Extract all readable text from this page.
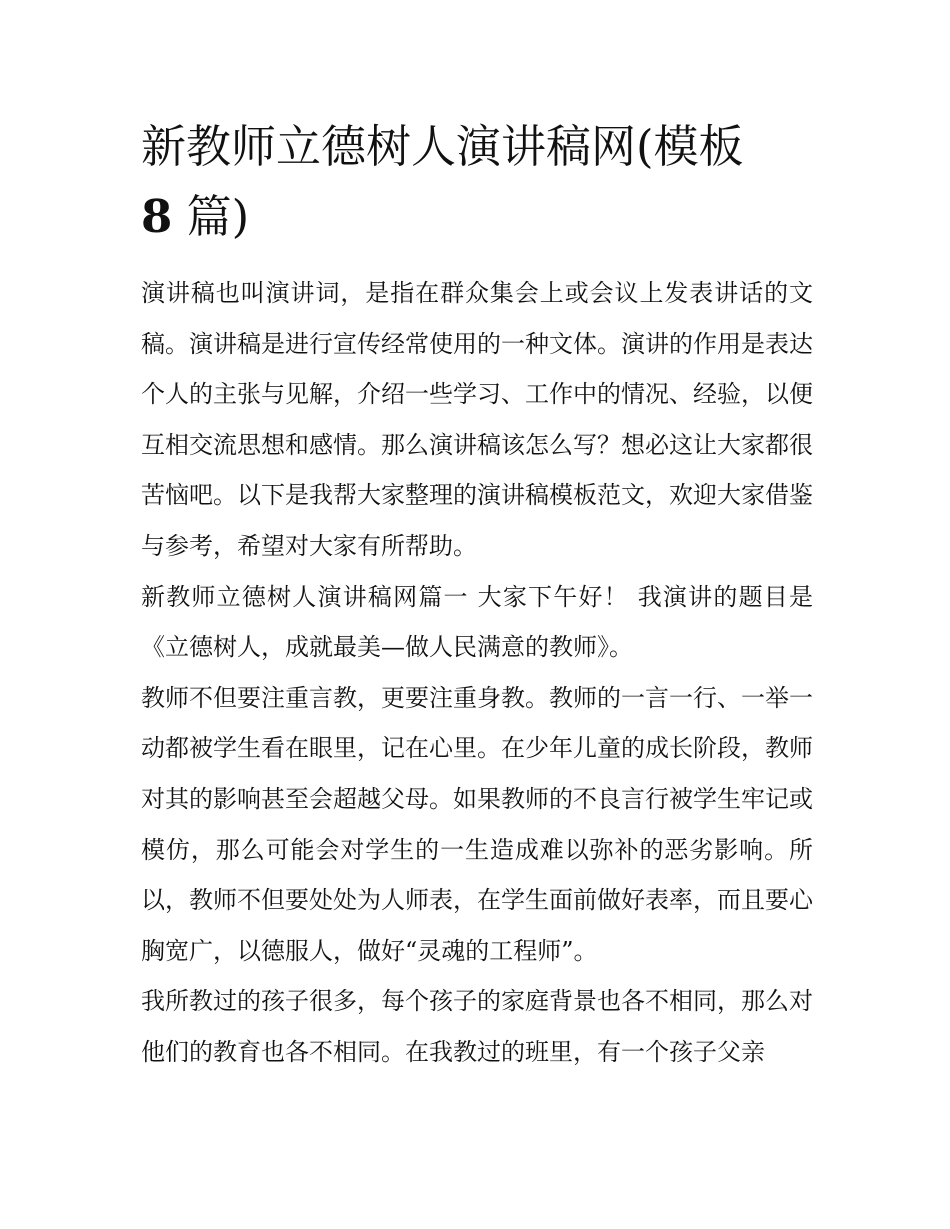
新教师立德树人演讲稿网(模板
8 篇)

演讲稿也叫演讲词，是指在群众集会上或会议上发表讲话的文稿。演讲稿是进行宣传经常使用的一种文体。演讲的作用是表达个人的主张与见解，介绍一些学习、工作中的情况、经验，以便互相交流思想和感情。那么演讲稿该怎么写？想必这让大家都很苦恼吧。以下是我帮大家整理的演讲稿模板范文，欢迎大家借鉴与参考，希望对大家有所帮助。

新教师立德树人演讲稿网篇一 大家下午好！ 我演讲的题目是《立德树人，成就最美—做人民满意的教师》。

教师不但要注重言教，更要注重身教。教师的一言一行、一举一动都被学生看在眼里，记在心里。在少年儿童的成长阶段，教师对其的影响甚至会超越父母。如果教师的不良言行被学生牢记或模仿，那么可能会对学生的一生造成难以弥补的恶劣影响。所以，教师不但要处处为人师表，在学生面前做好表率，而且要心胸宽广，以德服人，做好“灵魂的工程师”。

我所教过的孩子很多，每个孩子的家庭背景也各不相同，那么对他们的教育也各不相同。在我教过的班里，有一个孩子父亲
